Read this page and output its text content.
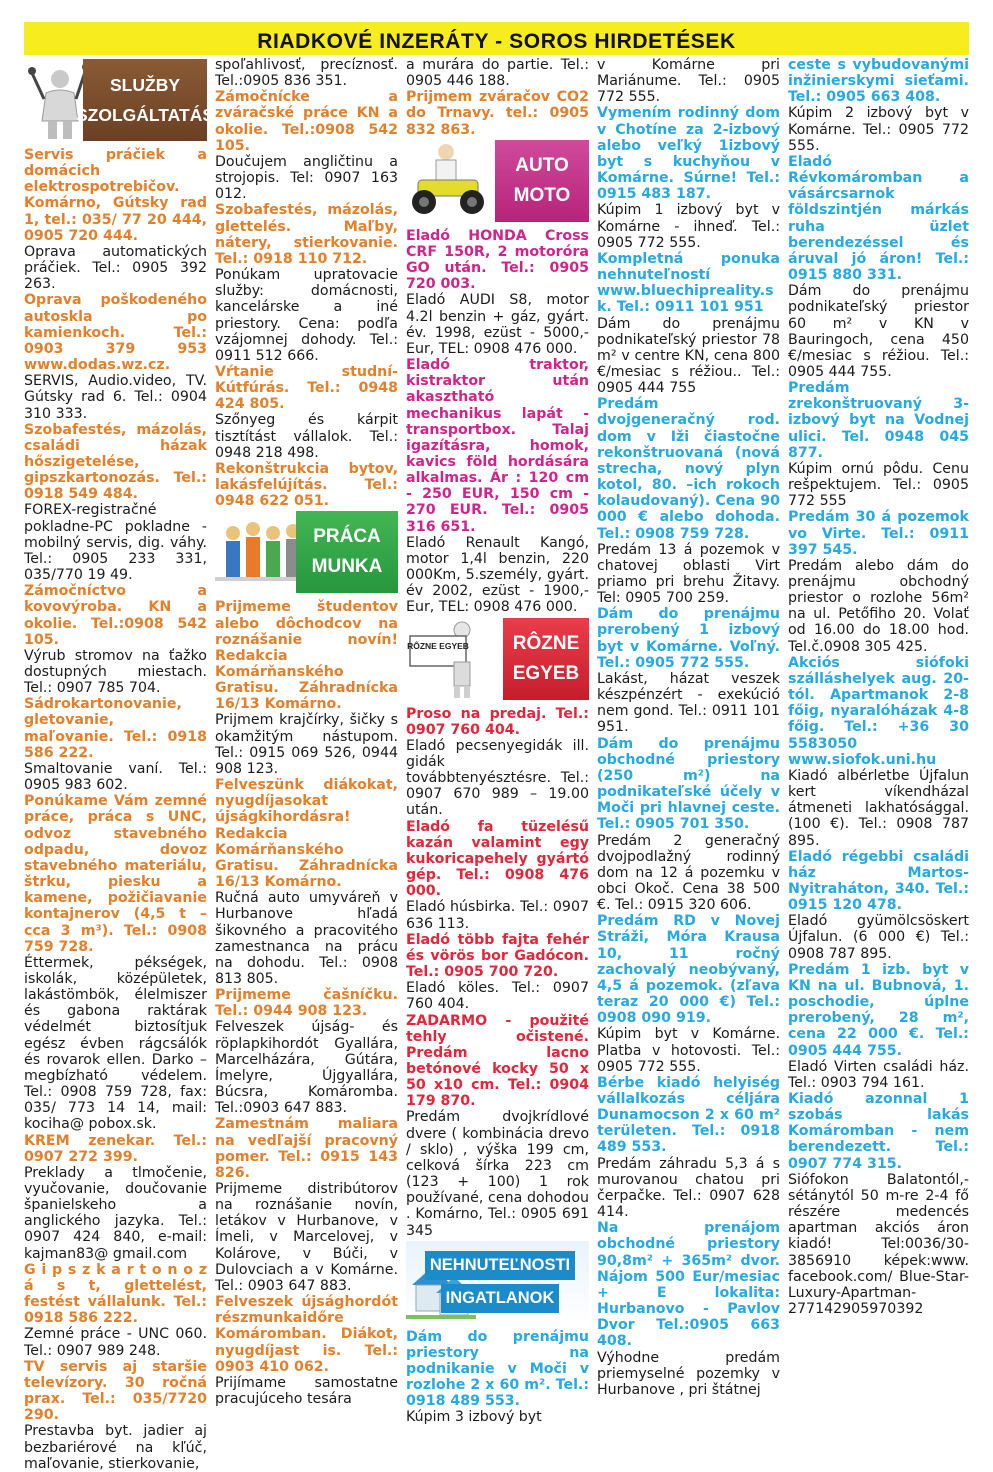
RIADKOVÉ INZERÁTY - SOROS HIRDETÉSEK
SLUŽBY
SZOLGÁLTATÁS

Servis práčiek a domácich elektrospotrebičov. Komárno, Gútsky rad 1, tel.: 035/ 77 20 444, 0905 720 444.

Oprava automatických práčiek. Tel.: 0905 392 263.

Oprava poškodeného autoskla po kamienkoch. Tel.: 0903 379 953 www.dodas.wz.cz.

SERVIS, Audio.video, TV. Gútsky rad 6. Tel.: 0904 310 333.

Szobafestés, mázolás, családi házak hőszigetelése, gipszkartonozás. Tel.: 0918 549 484.

FOREX-registračné pokladne-PC pokladne -mobilný servis, dig. váhy. Tel.: 0905 233 331, 035/770 19 49.

Zámočníctvo a kovovýroba. KN a okolie. Tel.:0908 542 105.

Výrub stromov na ťažko dostupných miestach. Tel.: 0907 785 704.

Sádrokartonovanie, gletovanie, maľovanie. Tel.: 0918 586 222.

Smaltovanie vaní. Tel.: 0905 983 602.

Ponúkame Vám zemné práce, práca s UNC, odvoz stavebného odpadu, dovoz stavebného materiálu, štrku, piesku a kamene, požičiavanie kontajnerov (4,5 t – cca 3 m³). Tel.: 0908 759 728.

Éttermek, pékségek, iskolák, középületek, lakástömbök, élelmiszer és gabona raktárak védelmét biztosítjuk egész évben rágcsálók és rovarok ellen. Darko – megbízható védelem. Tel.: 0908 759 728, fax: 035/ 773 14 14, mail: kociha@ pobox.sk.

KREM zenekar. Tel.: 0907 272 399.

Preklady a tlmočenie, vyučovanie, doučovanie španielskeho a anglického jazyka. Tel.: 0907 424 840, e-mail: kajman83@ gmail.com

G i p s z k a r t o n o z á s t, glettelést, festést vállalunk. Tel.: 0918 586 222.

Zemné práce - UNC 060. Tel.: 0907 989 248.

TV servis aj staršie televízory. 30 ročná prax. Tel.: 035/7720 290.

Prestavba byt. jadier aj bezbariérové na kľúč, maľovanie, stierkovanie,

spoľahlivosť, precíznosť. Tel.:0905 836 351.

Zámočnícke a zváračské práce KN a okolie. Tel.:0908 542 105.

Doučujem angličtinu a strojopis. Tel: 0907 163 012.

Szobafestés, mázolás, glettelés. Maľby, nátery, stierkovanie. Tel.: 0918 110 712.

Ponúkam upratovacie služby: domácnosti, kancelárske a iné priestory. Cena: podľa vzájomnej dohody. Tel.: 0911 512 666.

Vŕtanie studní- Kútfúrás. Tel.: 0948 424 805.

Szőnyeg és kárpit tisztítást vállalok. Tel.: 0948 218 498.

Rekonštrukcia bytov, lakásfelújítás. Tel.: 0948 622 051.

PRÁCA
MUNKA

Prijmeme študentov alebo dôchodcov na roznášanie novín! Redakcia Komárňanského Gratisu. Záhradnícka 16/13 Komárno.

Prijmem krajčírky, šičky s okamžitým nástupom. Tel.: 0915 069 526, 0944 908 123.

Felveszünk diákokat, nyugdíjasokat újságkihordásra! Redakcia Komárňanského Gratisu. Záhradnícka 16/13 Komárno.

Ručná auto umyváreň v Hurbanove hľadá šikovného a pracovitého zamestnanca na prácu na dohodu. Tel.: 0908 813 805.

Prijmeme čašníčku. Tel.: 0944 908 123.

Felveszek újság- és röplapkihordót Gyallára, Marcelházára, Gútára, Ímelyre, Újgyallára, Búcsra, Komáromba. Tel.:0903 647 883.

Zamestnám maliara na vedľajší pracovný pomer. Tel.: 0915 143 826.

Prijmeme distribútorov na roznášanie novín, letákov v Hurbanove, v Ímeli, v Marcelovej, v Kolárove, v Búči, v Dulovciach a v Komárne. Tel.: 0903 647 883.

Felveszek újsághordót részmunkaidőre Komáromban. Diákot, nyugdíjast is. Tel.: 0903 410 062.

Prijímame samostatne pracujúceho tesára

a murára do partie. Tel.: 0905 446 188.

Prijmem zváračov CO2 do Trnavy. tel.: 0905 832 863.

AUTO
MOTO

Eladó HONDA Cross CRF 150R, 2 motoróra GO után. Tel.: 0905 720 003.

Eladó AUDI S8, motor 4.2l benzin + gáz, gyárt. év. 1998, ezüst - 5000,- Eur, TEL: 0908 476 000.

Eladó traktor, kistraktor után akasztható mechanikus lapát - transportbox. Talaj igazításra, homok, kavics föld hordására alkalmas. Ár : 120 cm - 250 EUR, 150 cm - 270 EUR. Tel.: 0905 316 651.

Eladó Renault Kangó, motor 1,4l benzin, 220 000Km, 5.személy, gyárt. év 2002, ezüst - 1900,-Eur, TEL: 0908 476 000.

RÔZNE EGYEB RÔZNE
EGYEB

Proso na predaj. Tel.: 0907 760 404.

Eladó pecsenyegidák ill. gidák továbbtenyésztésre. Tel.: 0907 670 989 – 19.00 után.

Eladó fa tüzelésű kazán valamint egy kukoricapehely gyártó gép. Tel.: 0908 476 000.

Eladó húsbirka. Tel.: 0907 636 113.

Eladó több fajta fehér és vörös bor Gadócon. Tel.: 0905 700 720.

Eladó köles. Tel.: 0907 760 404.

ZADARMO - použité tehly očistené. Predám lacno betónové kocky 50 x 50 x10 cm. Tel.: 0904 179 870.

Predám dvojkrídlové dvere ( kombinácia drevo / sklo) , výška 199 cm, celková šírka 223 cm (123 + 100) 1 rok používané, cena dohodou . Komárno, Tel.: 0905 691 345

NEHNUTEĽNOSTI
INGATLANOK

Dám do prenájmu priestory na podnikanie v Moči v rozlohe 2 x 60 m². Tel.: 0918 489 553.

Kúpim 3 izbový byt

v Komárne pri Mariánume. Tel.: 0905 772 555.

Vymením rodinný dom v Chotíne za 2-izbový alebo veľký 1izbový byt s kuchyňou v Komárne. Súrne! Tel.: 0915 483 187.

Kúpim 1 izbový byt v Komárne - ihneď. Tel.: 0905 772 555.

Kompletná ponuka nehnuteľností www.bluechipreality.sk. Tel.: 0911 101 951

Dám do prenájmu podnikateľský priestor 78 m² v centre KN, cena 800 €/mesiac s réžiou.. Tel.: 0905 444 755

Predám dvojgeneračný rod. dom v Iži čiastočne rekonštruovaná (nová strecha, nový plyn kotol, 80. –ich rokoch kolaudovaný). Cena 90 000 € alebo dohoda. Tel.: 0908 759 728.

Predám 13 á pozemok v chatovej oblasti Virt priamo pri brehu Žitavy. Tel: 0905 700 259.

Dám do prenájmu prerobený 1 izbový byt v Komárne. Voľný. Tel.: 0905 772 555.

Lakást, házat veszek készpénzért - exekúció nem gond. Tel.: 0911 101 951.

Dám do prenájmu obchodné priestory (250 m²) na podnikateľské účely v Moči pri hlavnej ceste. Tel.: 0905 701 350.

Predám 2 generačný dvojpodlažný rodinný dom na 12 á pozemku v obci Okoč. Cena 38 500 €. Tel.: 0915 320 606.

Predám RD v Novej Stráži, Móra Krausa 10, 11 ročný zachovalý neobývaný, 4,5 á pozemok. (zľava teraz 20 000 €) Tel.: 0908 090 919.

Kúpim byt v Komárne. Platba v hotovosti. Tel.: 0905 772 555.

Bérbe kiadó helyiség vállalkozás céljára Dunamocson 2 x 60 m² területen. Tel.: 0918 489 553.

Predám záhradu 5,3 á s murovanou chatou pri čerpačke. Tel.: 0907 628 414.

Na prenájom obchodné priestory 90,8m² + 365m² dvor. Nájom 500 Eur/mesiac + E lokalita: Hurbanovo - Pavlov Dvor Tel.:0905 663 408.

Výhodne predám priemyselné pozemky v Hurbanove , pri štátnej

ceste s vybudovanými inžinierskymi sieťami. Tel.: 0905 663 408.

Kúpim 2 izbový byt v Komárne. Tel.: 0905 772 555.

Eladó Révkomáromban a vásárcsarnok földszintjén márkás ruha üzlet berendezéssel és áruval jó áron! Tel.: 0915 880 331.

Dám do prenájmu podnikateľský priestor 60 m² v KN v Bauringoch, cena 450 €/mesiac s réžiou. Tel.: 0905 444 755.

Predám zrekonštruovaný 3-izbový byt na Vodnej ulici. Tel. 0948 045 877.

Kúpim ornú pôdu. Cenu rešpektujem. Tel.: 0905 772 555

Predám 30 á pozemok vo Virte. Tel.: 0911 397 545.

Predám alebo dám do prenájmu obchodný priestor o rozlohe 56m² na ul. Petőfiho 20. Volať od 16.00 do 18.00 hod. Tel.č.0908 305 425.

Akciós siófoki szálláshelyek aug. 20-tól. Apartmanok 2-8 főig, nyaralóházak 4-8 főig. Tel.: +36 30 5583050 www.siofok.uni.hu

Kiadó albérletbe Újfalun kert víkendházal átmeneti lakhatósággal. (100 €). Tel.: 0908 787 895.

Eladó régebbi családi ház Martos-Nyitraháton, 340. Tel.: 0915 120 478.

Eladó gyümölcsöskert Újfalun. (6 000 €) Tel.: 0908 787 895.

Predám 1 izb. byt v KN na ul. Bubnová, 1. poschodie, úplne prerobený, 28 m², cena 22 000 €. Tel.: 0905 444 755.

Eladó Virten családi ház. Tel.: 0903 794 161.

Kiadó azonnal 1 szobás lakás Komáromban - nem berendezett. Tel.: 0907 774 315.

Siófokon Balatontól,- sétánytól 50 m-re 2-4 fő részére medencés apartman akciós áron kiadó! Tel:0036/30-3856910 képek:www. facebook.com/ Blue-Star-Luxury-Apartman-277142905970392
